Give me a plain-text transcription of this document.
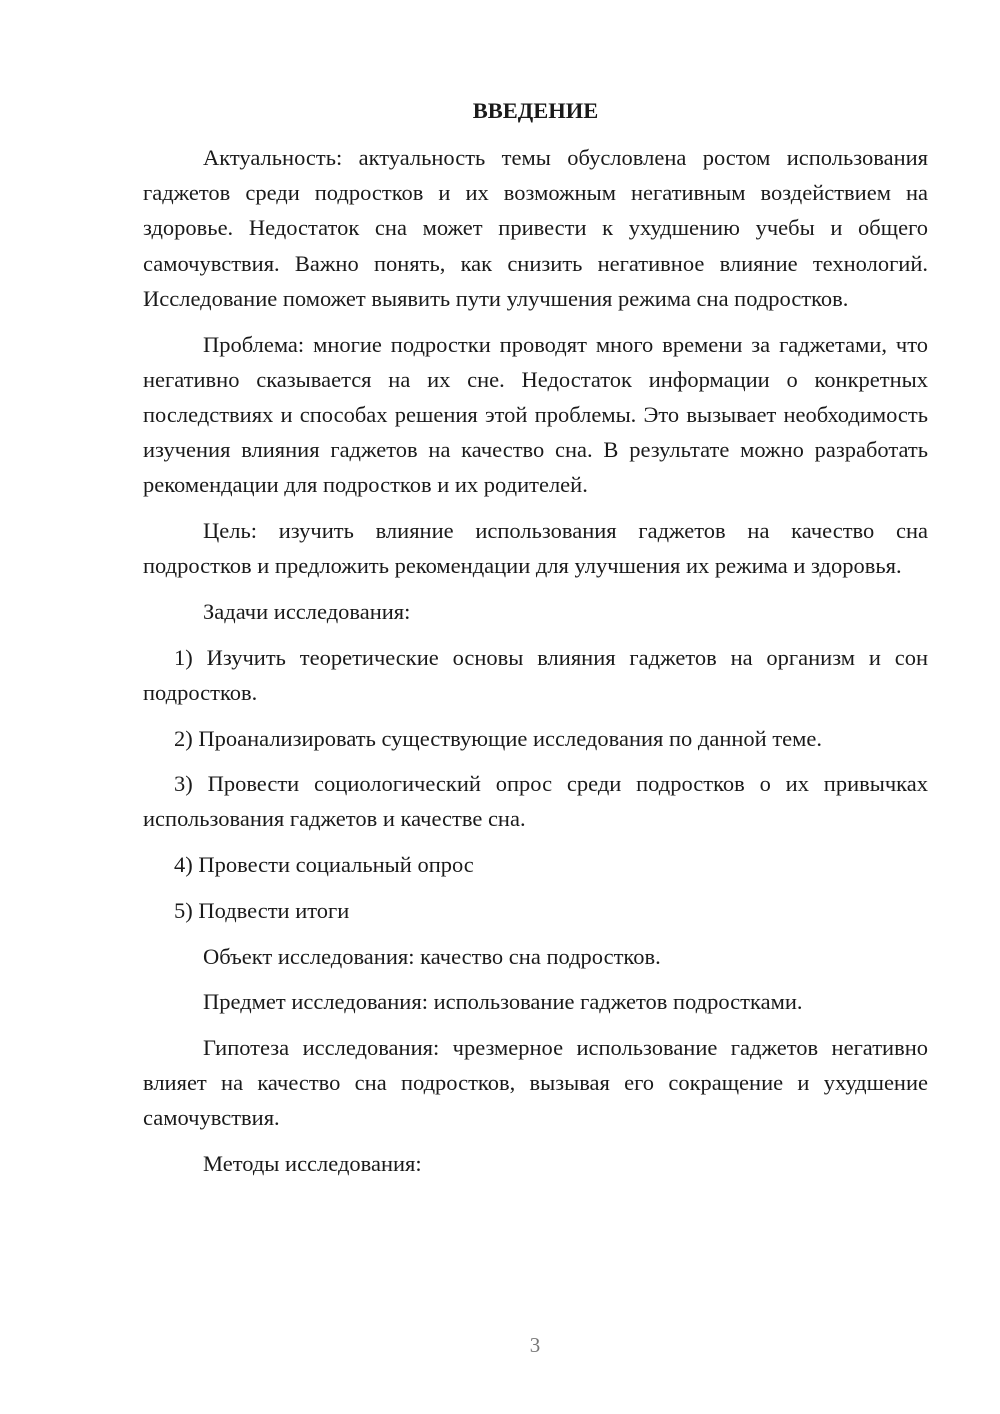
ВВЕДЕНИЕ

Актуальность: актуальность темы обусловлена ростом использования гаджетов среди подростков и их возможным негативным воздействием на здоровье. Недостаток сна может привести к ухудшению учебы и общего самочувствия. Важно понять, как снизить негативное влияние технологий. Исследование поможет выявить пути улучшения режима сна подростков.

Проблема: многие подростки проводят много времени за гаджетами, что негативно сказывается на их сне. Недостаток информации о конкретных последствиях и способах решения этой проблемы. Это вызывает необходимость изучения влияния гаджетов на качество сна. В результате можно разработать рекомендации для подростков и их родителей.

Цель: изучить влияние использования гаджетов на качество сна подростков и предложить рекомендации для улучшения их режима и здоровья.

Задачи исследования:

1) Изучить теоретические основы влияния гаджетов на организм и сон подростков.

2) Проанализировать существующие исследования по данной теме.

3) Провести социологический опрос среди подростков о их привычках использования гаджетов и качестве сна.

4) Провести социальный опрос

5) Подвести итоги

Объект исследования: качество сна подростков.

Предмет исследования: использование гаджетов подростками.

Гипотеза исследования: чрезмерное использование гаджетов негативно влияет на качество сна подростков, вызывая его сокращение и ухудшение самочувствия.

Методы исследования:

3
